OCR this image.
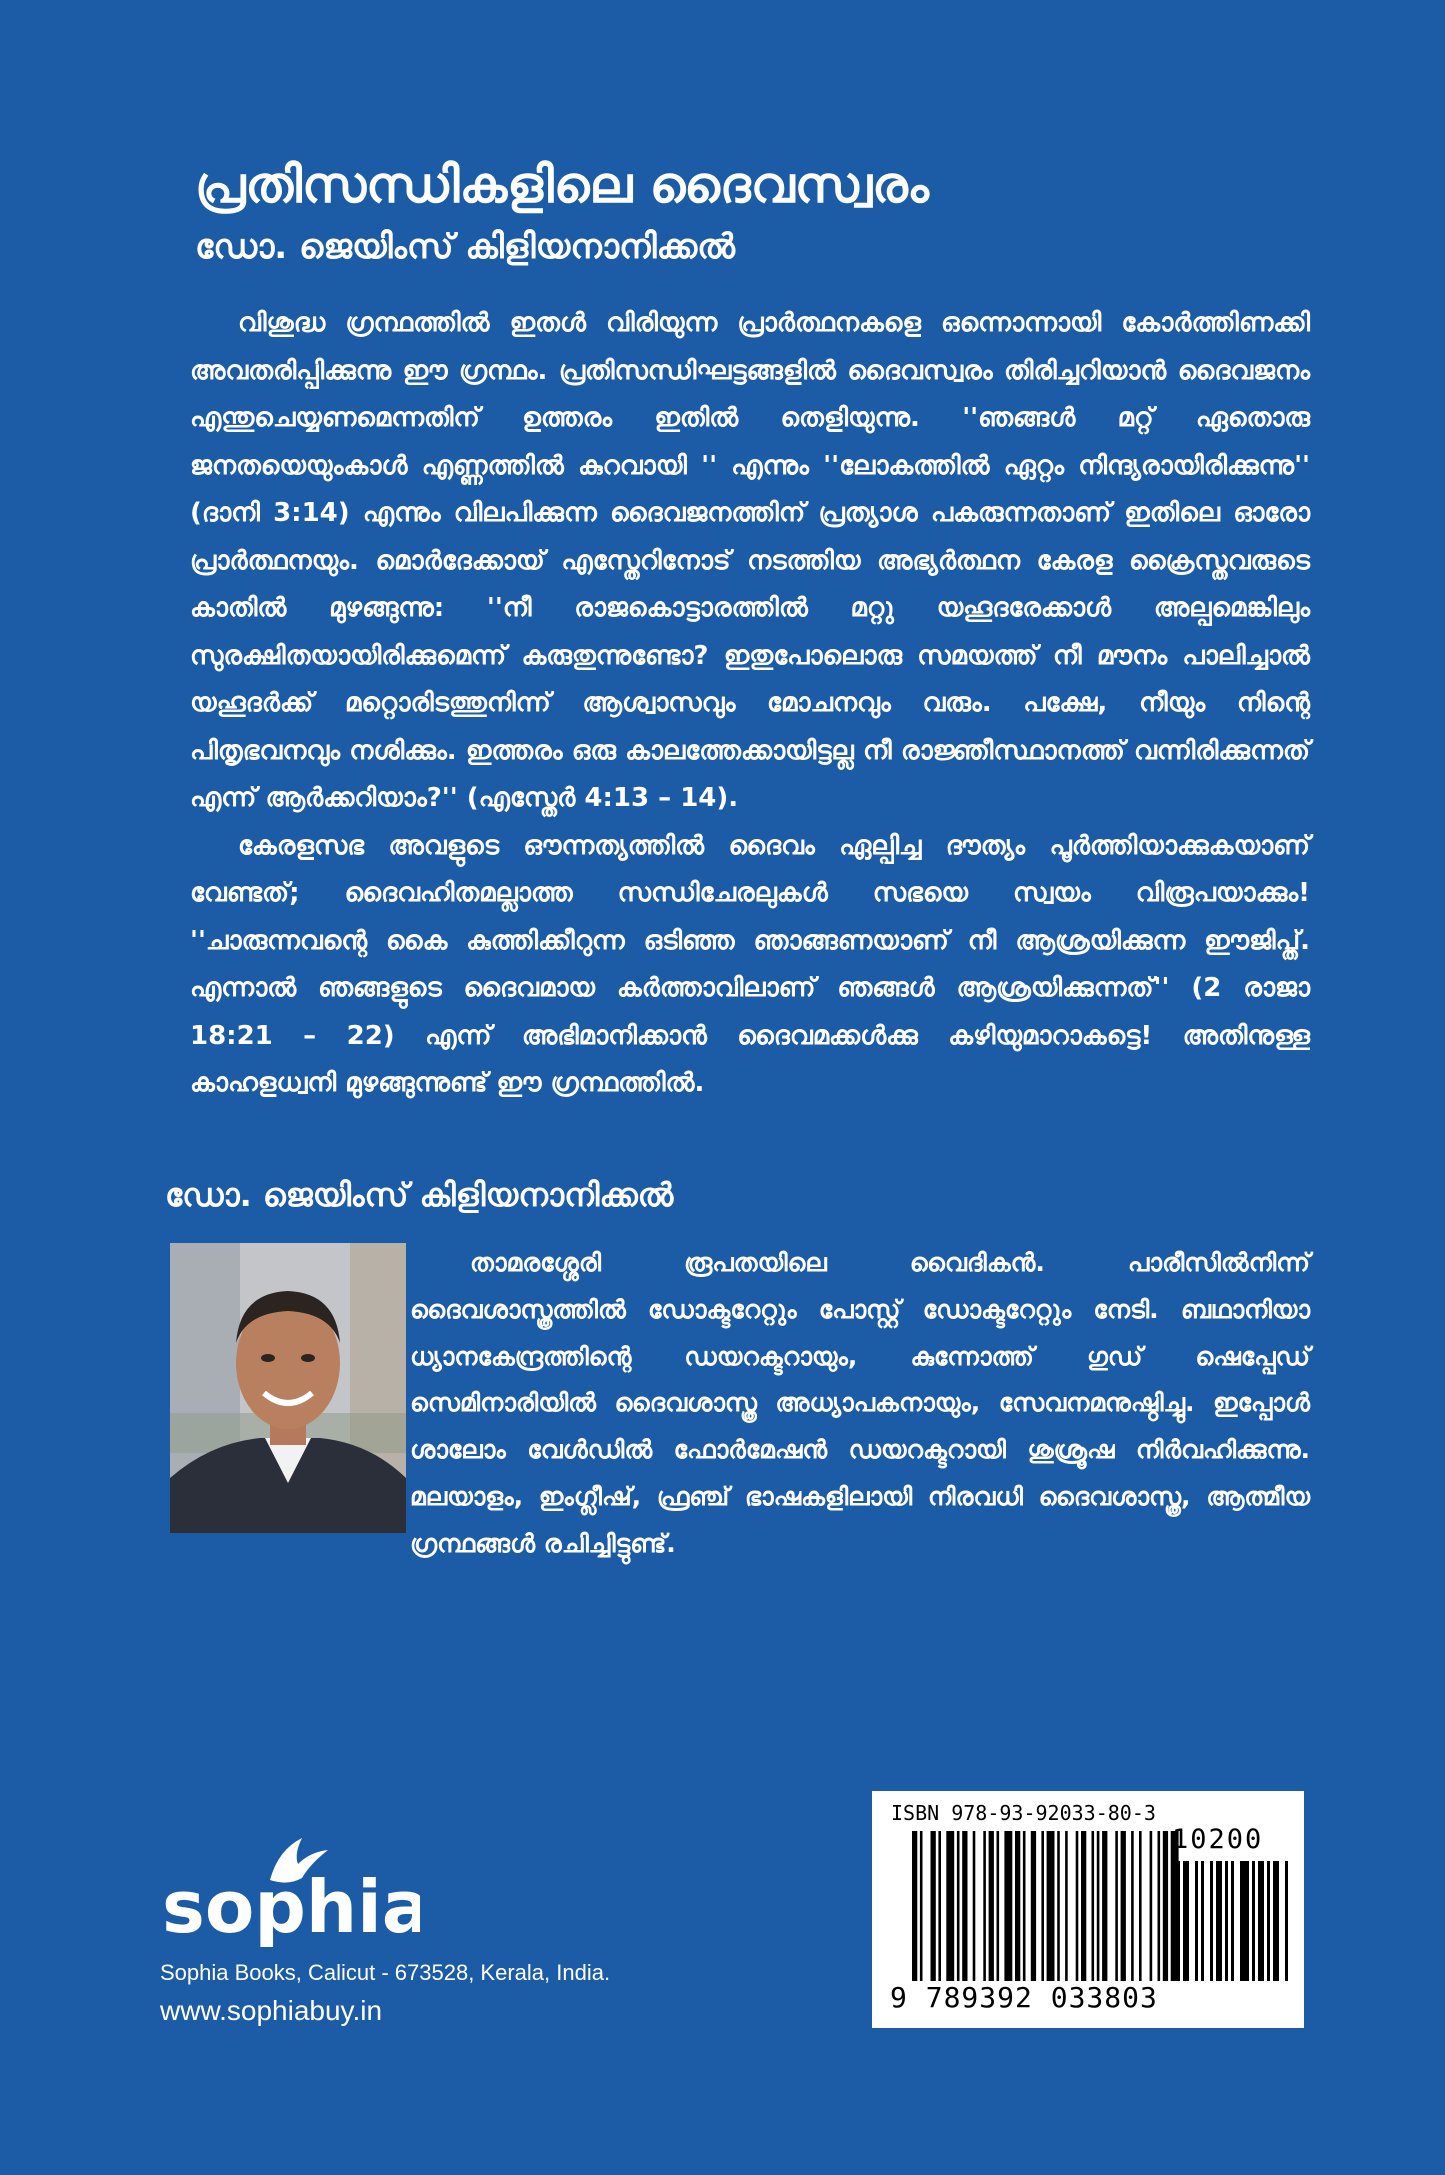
പ്രതിസന്ധികളിലെ ദൈവസ്വരം
ഡോ. ജെയിംസ് കിളിയനാനിക്കൽ

വിശുദ്ധ ഗ്രന്ഥത്തിൽ ഇതൾ വിരിയുന്ന പ്രാർത്ഥനകളെ ഒന്നൊന്നായി കോർത്തിണക്കി അവതരിപ്പിക്കുന്നു ഈ ഗ്രന്ഥം. പ്രതിസന്ധിഘട്ടങ്ങളിൽ ദൈവസ്വരം തിരിച്ചറിയാൻ ദൈവജനം എന്തുചെയ്യണമെന്നതിന് ഉത്തരം ഇതിൽ തെളിയുന്നു. ''ഞങ്ങൾ മറ്റ് ഏതൊരു ജനതയെയുംകാൾ എണ്ണത്തിൽ കുറവായി '' എന്നും ''ലോകത്തിൽ ഏറ്റം നിന്ദ്യരായിരിക്കുന്നു'' (ദാനി 3:14) എന്നും വിലപിക്കുന്ന ദൈവജനത്തിന് പ്രത്യാശ പകരുന്നതാണ് ഇതിലെ ഓരോ പ്രാർത്ഥനയും. മൊർദേക്കായ് എസ്തേറിനോട് നടത്തിയ അഭ്യർത്ഥന കേരള ക്രൈസ്തവരുടെ കാതിൽ മുഴങ്ങുന്നു: ''നീ രാജകൊട്ടാരത്തിൽ മറ്റു യഹൂദരേക്കാൾ അല്പമെങ്കിലും സുരക്ഷിതയായിരിക്കുമെന്ന് കരുതുന്നുണ്ടോ? ഇതുപോലൊരു സമയത്ത് നീ മൗനം പാലിച്ചാൽ യഹൂദർക്ക് മറ്റൊരിടത്തുനിന്ന് ആശ്വാസവും മോചനവും വരും. പക്ഷേ, നീയും നിന്റെ പിതൃഭവനവും നശിക്കും. ഇത്തരം ഒരു കാലത്തേക്കായിട്ടല്ല നീ രാജ്ഞീസ്ഥാനത്ത് വന്നിരിക്കുന്നത് എന്ന് ആർക്കറിയാം?'' (എസ്തേർ 4:13 – 14).

കേരളസഭ അവളുടെ ഔന്നത്യത്തിൽ ദൈവം ഏല്പിച്ച ദൗത്യം പൂർത്തിയാക്കുകയാണ് വേണ്ടത്; ദൈവഹിതമല്ലാത്ത സന്ധിചേരലുകൾ സഭയെ സ്വയം വിരൂപയാക്കും! ''ചാരുന്നവന്റെ കൈ കുത്തിക്കീറുന്ന ഒടിഞ്ഞ ഞാങ്ങണയാണ് നീ ആശ്രയിക്കുന്ന ഈജിപ്ത്. എന്നാൽ ഞങ്ങളുടെ ദൈവമായ കർത്താവിലാണ് ഞങ്ങൾ ആശ്രയിക്കുന്നത്'' (2 രാജാ 18:21 – 22) എന്ന് അഭിമാനിക്കാൻ ദൈവമക്കൾക്കു കഴിയുമാറാകട്ടെ! അതിനുള്ള കാഹളധ്വനി മുഴങ്ങുന്നുണ്ട് ഈ ഗ്രന്ഥത്തിൽ.

ഡോ. ജെയിംസ് കിളിയനാനിക്കൽ

താമരശ്ശേരി രൂപതയിലെ വൈദികൻ. പാരീസിൽനിന്ന് ദൈവശാസ്ത്രത്തിൽ ഡോക്ടറേറ്റും പോസ്റ്റ് ഡോക്ടറേറ്റും നേടി. ബഥാനിയാ ധ്യാനകേന്ദ്രത്തിന്റെ ഡയറക്ടറായും, കുന്നോത്ത് ഗുഡ് ഷെപ്പേഡ് സെമിനാരിയിൽ ദൈവശാസ്ത്ര അധ്യാപകനായും, സേവനമനുഷ്ഠിച്ചു. ഇപ്പോൾ ശാലോം വേൾഡിൽ ഫോർമേഷൻ ഡയറക്ടറായി ശുശ്രൂഷ നിർവഹിക്കുന്നു. മലയാളം, ഇംഗ്ലീഷ്, ഫ്രഞ്ച് ഭാഷകളിലായി നിരവധി ദൈവശാസ്ത്ര, ആത്മീയ ഗ്രന്ഥങ്ങൾ രചിച്ചിട്ടുണ്ട്.

sophia

Sophia Books, Calicut - 673528, Kerala, India.

www.sophiabuy.in

ISBN 978-93-92033-80-3
10200
9 789392 033803
